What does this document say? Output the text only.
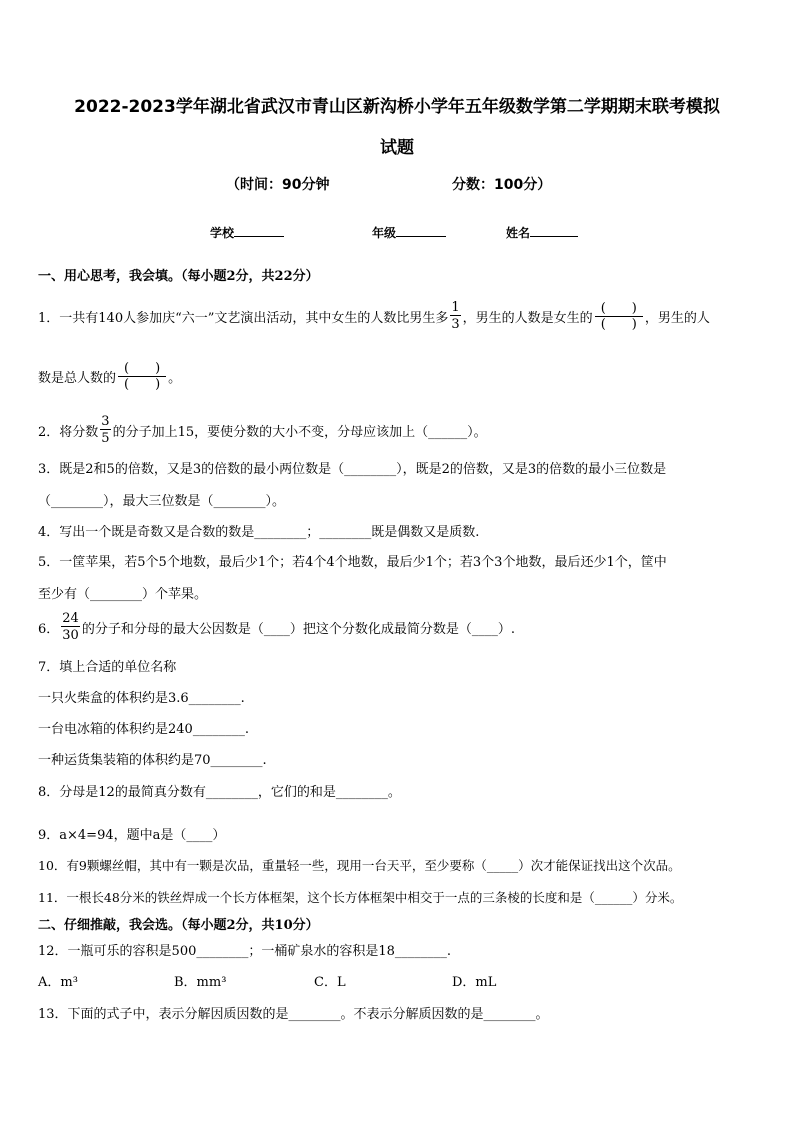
2022-2023学年湖北省武汉市青山区新沟桥小学年五年级数学第二学期期末联考模拟
试题
（时间：90分钟	分数：100分）
学校	年级	姓名
一、用心思考，我会填。（每小题2分，共22分）
1．一共有140人参加庆“六一”文艺演出活动，其中女生的人数比男生多 $\frac{1}{3}$ ，男生的人数是女生的 $\frac{( )}{( )}$ ，男生的人
数是总人数的 $\frac{( )}{( )}$ 。
2．将分数 $\frac{3}{5}$ 的分子加上15，要使分数的大小不变，分母应该加上（______）。
3．既是2和5的倍数，又是3的倍数的最小两位数是（________），既是2的倍数，又是3的倍数的最小三位数是
（________），最大三位数是（________）。
4．写出一个既是奇数又是合数的数是________；________既是偶数又是质数.
5．一筐苹果，若5个5个地数，最后少1个；若4个4个地数，最后少1个；若3个3个地数，最后还少1个，筐中
至少有（________）个苹果。
6． $\frac{24}{30}$ 的分子和分母的最大公因数是（____）把这个分数化成最简分数是（____）.
7．填上合适的单位名称
一只火柴盒的体积约是3.6________.
一台电冰箱的体积约是240________.
一种运货集装箱的体积约是70________.
8．分母是12的最简真分数有________，它们的和是________。
9．a×4=94，题中a是（____）
10．有9颗螺丝帽，其中有一颗是次品，重量轻一些，现用一台天平，至少要称（_____）次才能保证找出这个次品。
11．一根长48分米的铁丝焊成一个长方体框架，这个长方体框架中相交于一点的三条棱的长度和是（______）分米。
二、仔细推敲，我会选。（每小题2分，共10分）
12．一瓶可乐的容积是500________；一桶矿泉水的容积是18________.
A．m³	B．mm³	C．L	D．mL
13．下面的式子中，表示分解因质因数的是________。不表示分解质因数的是________。
